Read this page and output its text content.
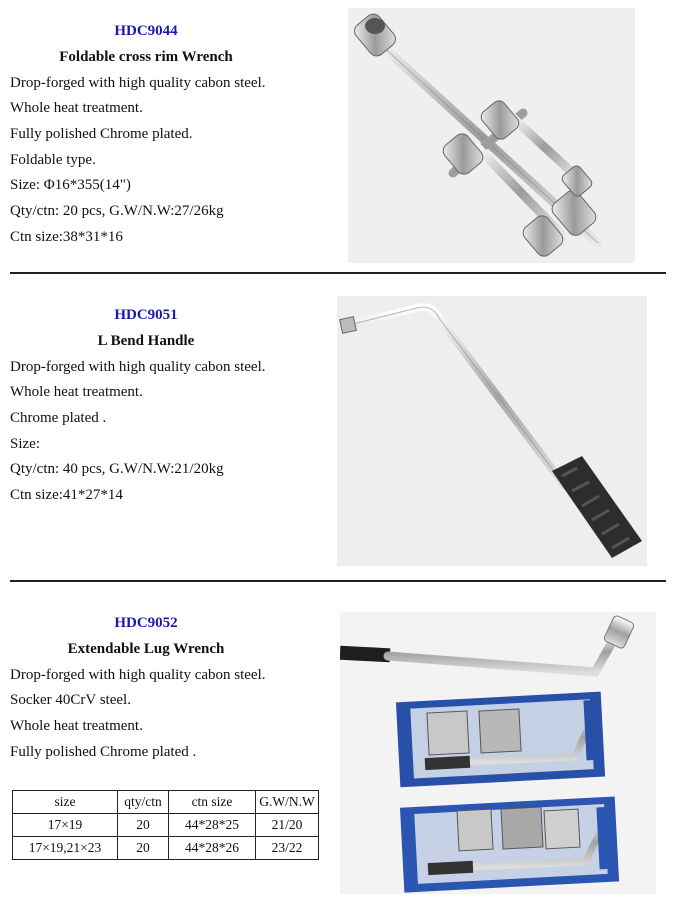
HDC9044
Foldable cross rim Wrench
Drop-forged with high quality cabon steel.
Whole heat treatment.
Fully polished Chrome plated.
Foldable type.
Size: Φ16*355(14")
Qty/ctn: 20 pcs, G.W/N.W:27/26kg
Ctn size:38*31*16
HDC9051
L Bend Handle
Drop-forged with high quality cabon steel.
Whole heat treatment.
Chrome plated .
Size:
Qty/ctn: 40 pcs, G.W/N.W:21/20kg
Ctn size:41*27*14
HDC9052
Extendable Lug Wrench
Drop-forged with high quality cabon steel.
Socker 40CrV steel.
Whole heat treatment.
Fully polished Chrome plated .
size	qty/ctn	ctn size	G.W/N.W
17×19	20	44*28*25	21/20
17×19,21×23	20	44*28*26	23/22
